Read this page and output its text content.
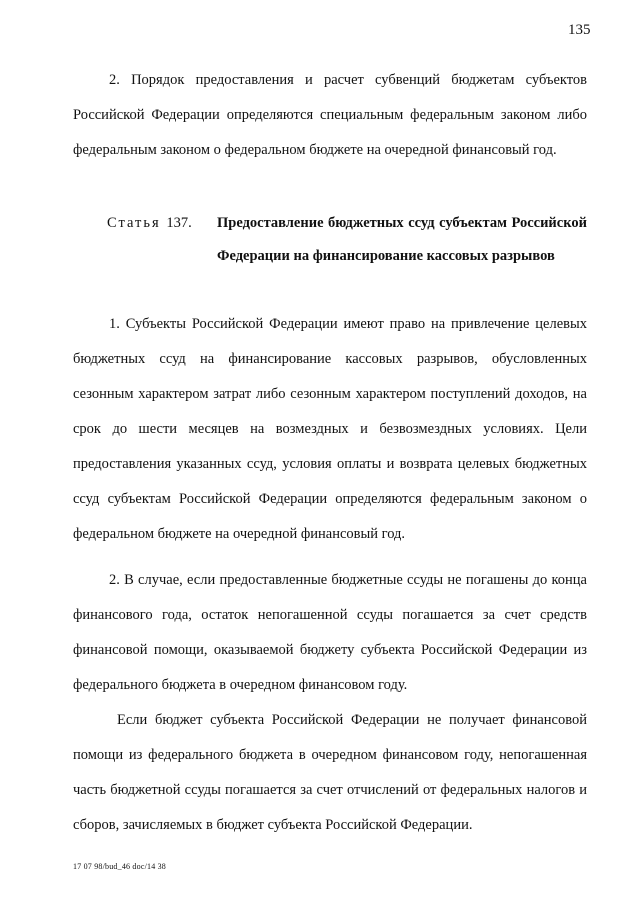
135

2. Порядок предоставления и расчет субвенций бюджетам субъектов Российской Федерации определяются специальным федеральным законом либо федеральным законом о федеральном бюджете на очередной финансовый год.

Статья 137. Предоставление бюджетных ссуд субъектам Российской Федерации на финансирование кассовых разрывов

1. Субъекты Российской Федерации имеют право на привлечение целевых бюджетных ссуд на финансирование кассовых разрывов, обусловленных сезонным характером затрат либо сезонным характером поступлений доходов, на срок до шести месяцев на возмездных и безвозмездных условиях. Цели предоставления указанных ссуд, условия оплаты и возврата целевых бюджетных ссуд субъектам Российской Федерации определяются федеральным законом о федеральном бюджете на очередной финансовый год.

2. В случае, если предоставленные бюджетные ссуды не погашены до конца финансового года, остаток непогашенной ссуды погашается за счет средств финансовой помощи, оказываемой бюджету субъекта Российской Федерации из федерального бюджета в очередном финансовом году.

Если бюджет субъекта Российской Федерации не получает финансовой помощи из федерального бюджета в очередном финансовом году, непогашенная часть бюджетной ссуды погашается за счет отчислений от федеральных налогов и сборов, зачисляемых в бюджет субъекта Российской Федерации.

17 07 98/bud_46 doc/14 38
